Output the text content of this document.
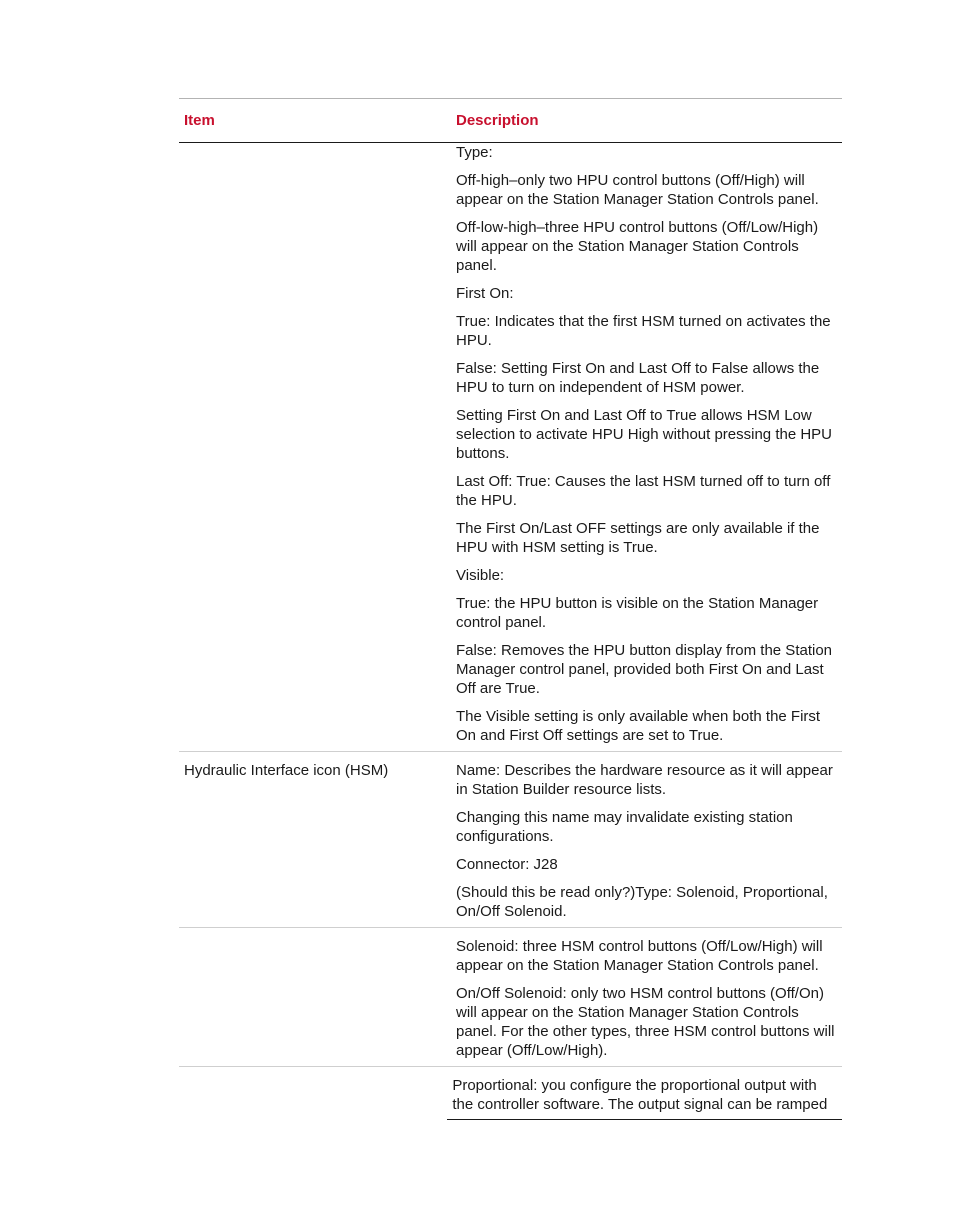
Item	Description

Type:

Off-high–only two HPU control buttons (Off/High) will appear on the Station Manager Station Controls panel.

Off-low-high–three HPU control buttons (Off/Low/High) will appear on the Station Manager Station Controls panel.

First On:

True: Indicates that the first HSM turned on activates the HPU.

False: Setting First On and Last Off to False allows the HPU to turn on independent of HSM power.

Setting First On and Last Off to True allows HSM Low selection to activate HPU High without pressing the HPU buttons.

Last Off: True: Causes the last HSM turned off to turn off the HPU.

The First On/Last OFF settings are only available if the HPU with HSM setting is True.

Visible:

True: the HPU button is visible on the Station Manager control panel.

False: Removes the HPU button display from the Station Manager control panel, provided both First On and Last Off are True.

The Visible setting is only available when both the First On and First Off settings are set to True.

Hydraulic Interface icon (HSM)	Name: Describes the hardware resource as it will appear in Station Builder resource lists.

Changing this name may invalidate existing station configurations.

Connector: J28

(Should this be read only?)Type: Solenoid, Proportional, On/Off Solenoid.

Solenoid: three HSM control buttons (Off/Low/High) will appear on the Station Manager Station Controls panel.

On/Off Solenoid: only two HSM control buttons (Off/On) will appear on the Station Manager Station Controls panel. For the other types, three HSM control buttons will appear (Off/Low/High).

Proportional: you configure the proportional output with the controller software. The output signal can be ramped
